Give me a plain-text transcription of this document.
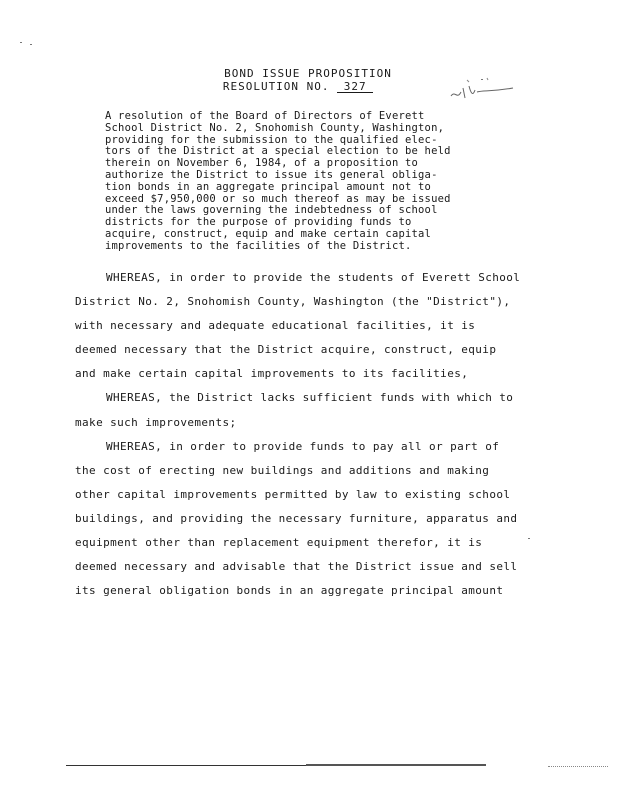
BOND ISSUE PROPOSITION
RESOLUTION NO. 327
A resolution of the Board of Directors of Everett
School District No. 2, Snohomish County, Washington,
providing for the submission to the qualified elec-
tors of the District at a special election to be held
therein on November 6, 1984, of a proposition to
authorize the District to issue its general obliga-
tion bonds in an aggregate principal amount not to
exceed $7,950,000 or so much thereof as may be issued
under the laws governing the indebtedness of school
districts for the purpose of providing funds to
acquire, construct, equip and make certain capital
improvements to the facilities of the District.
WHEREAS, in order to provide the students of Everett School
District No. 2, Snohomish County, Washington (the "District"),
with necessary and adequate educational facilities, it is
deemed necessary that the District acquire, construct, equip
and make certain capital improvements to its facilities,
WHEREAS, the District lacks sufficient funds with which to
make such improvements;
WHEREAS, in order to provide funds to pay all or part of
the cost of erecting new buildings and additions and making
other capital improvements permitted by law to existing school
buildings, and providing the necessary furniture, apparatus and
equipment other than replacement equipment therefor, it is
deemed necessary and advisable that the District issue and sell
its general obligation bonds in an aggregate principal amount
